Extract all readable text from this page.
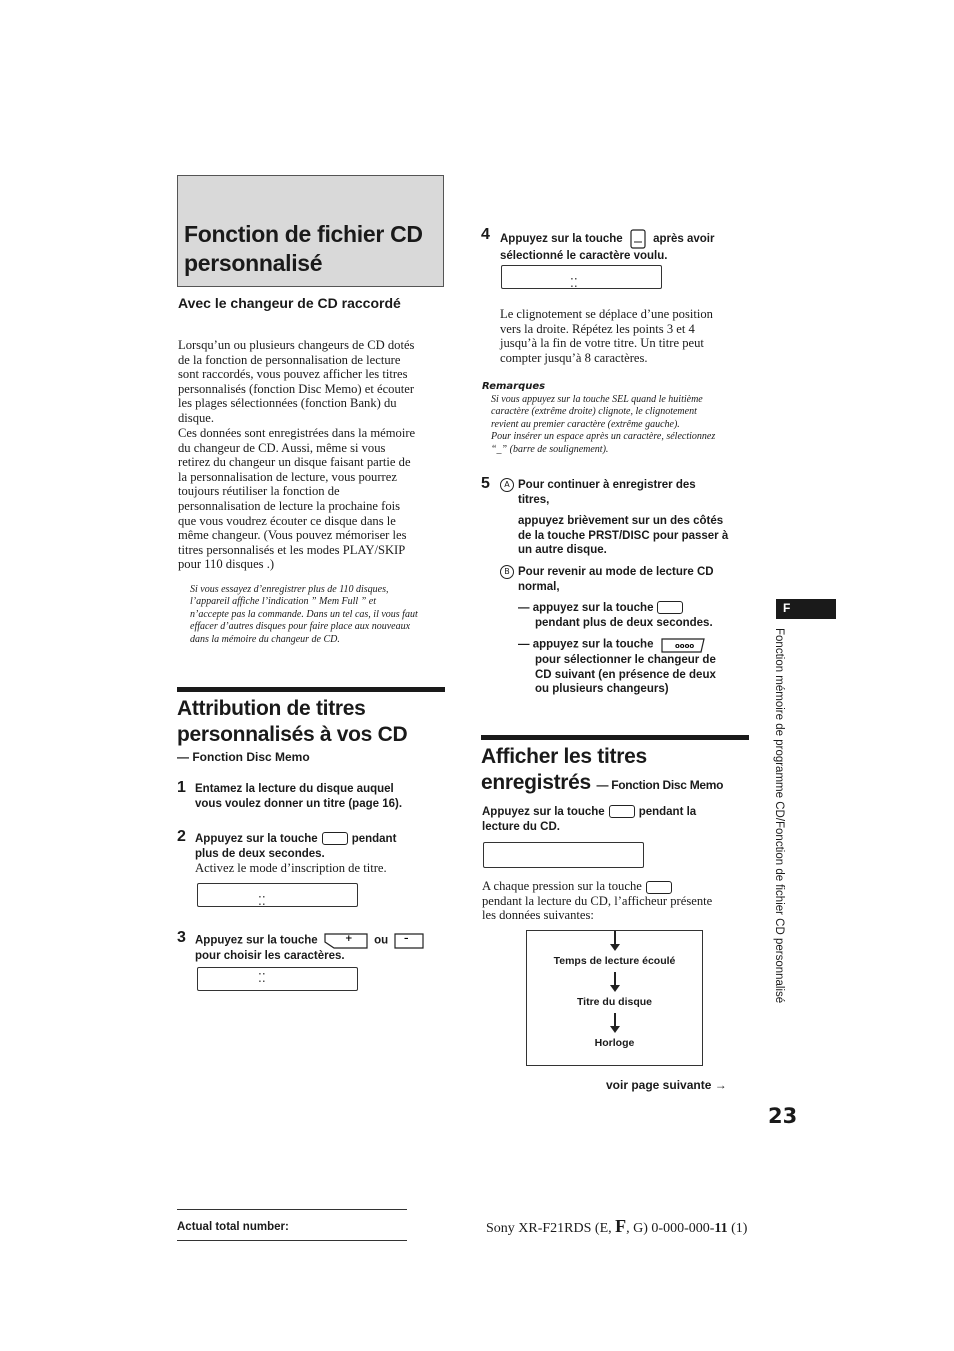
Fonction de fichier CD
personnalisé
Avec le changeur de CD raccordé
Lorsqu’un ou plusieurs changeurs de CD dotés
de la fonction de personnalisation de lecture
sont raccordés, vous pouvez afficher les titres
personnalisés (fonction Disc Memo) et écouter
les plages sélectionnées (fonction Bank) du
disque.
Ces données sont enregistrées dans la mémoire
du changeur de CD. Aussi, même si vous
retirez du changeur un disque faisant partie de
la personnalisation de lecture, vous pourrez
toujours réutiliser la fonction de
personnalisation de lecture la prochaine fois
que vous voudrez écouter ce disque dans le
même changeur. (Vous pouvez mémoriser les
titres personnalisés et les modes PLAY/SKIP
pour 110 disques .)
Si vous essayez d’enregistrer plus de 110 disques,
l’appareil affiche l’indication ” Mem Full ” et
n’accepte pas la commande. Dans un tel cas, il vous faut
effacer d’autres disques pour faire place aux nouveaux
dans la mémoire du changeur de CD.
Attribution de titres
personnalisés à vos CD
— Fonction Disc Memo
1 Entamez la lecture du disque auquel
vous voulez donner un titre (page 16).
2 Appuyez sur la touche	pendant
plus de deux secondes.
Activez le mode d’inscription de titre.
⁚⁚
3 Appuyez sur la touche	+ ou –
pour choisir les caractères.
⁚⁚
4 Appuyez sur la touche	après avoir
sélectionné le caractère voulu.
⁚⁚
Le clignotement se déplace d’une position
vers la droite. Répétez les points 3 et 4
jusqu’à la fin de votre titre. Un titre peut
compter jusqu’à 8 caractères.
Remarques
Si vous appuyez sur la touche SEL quand le huitième
caractère (extrême droite) clignote, le clignotement
revient au premier caractère (extrême gauche).
Pour insérer un espace après un caractère, sélectionnez
“_” (barre de soulignement).
5	A Pour continuer à enregistrer des
titres,
appuyez brièvement sur un des côtés
de la touche PRST/DISC pour passer à
un autre disque.
B Pour revenir au mode de lecture CD
normal,
— appuyez sur la touche
pendant plus de deux secondes.
— appuyez sur la touche	oooo
pour sélectionner le changeur de
CD suivant (en présence de deux
ou plusieurs changeurs)
Afficher les titres
enregistrés — Fonction Disc Memo
Appuyez sur la touche	pendant la
lecture du CD.
A chaque pression sur la touche
pendant la lecture du CD, l’afficheur présente
les données suivantes:
Temps de lecture écoulé
Titre du disque
Horloge
voir page suivante →
F
Fonction mémoire de programme CD/Fonction de fichier CD personnalisé
23
Actual total number:	Sony XR-F21RDS (E, F, G) 0-000-000-11 (1)
